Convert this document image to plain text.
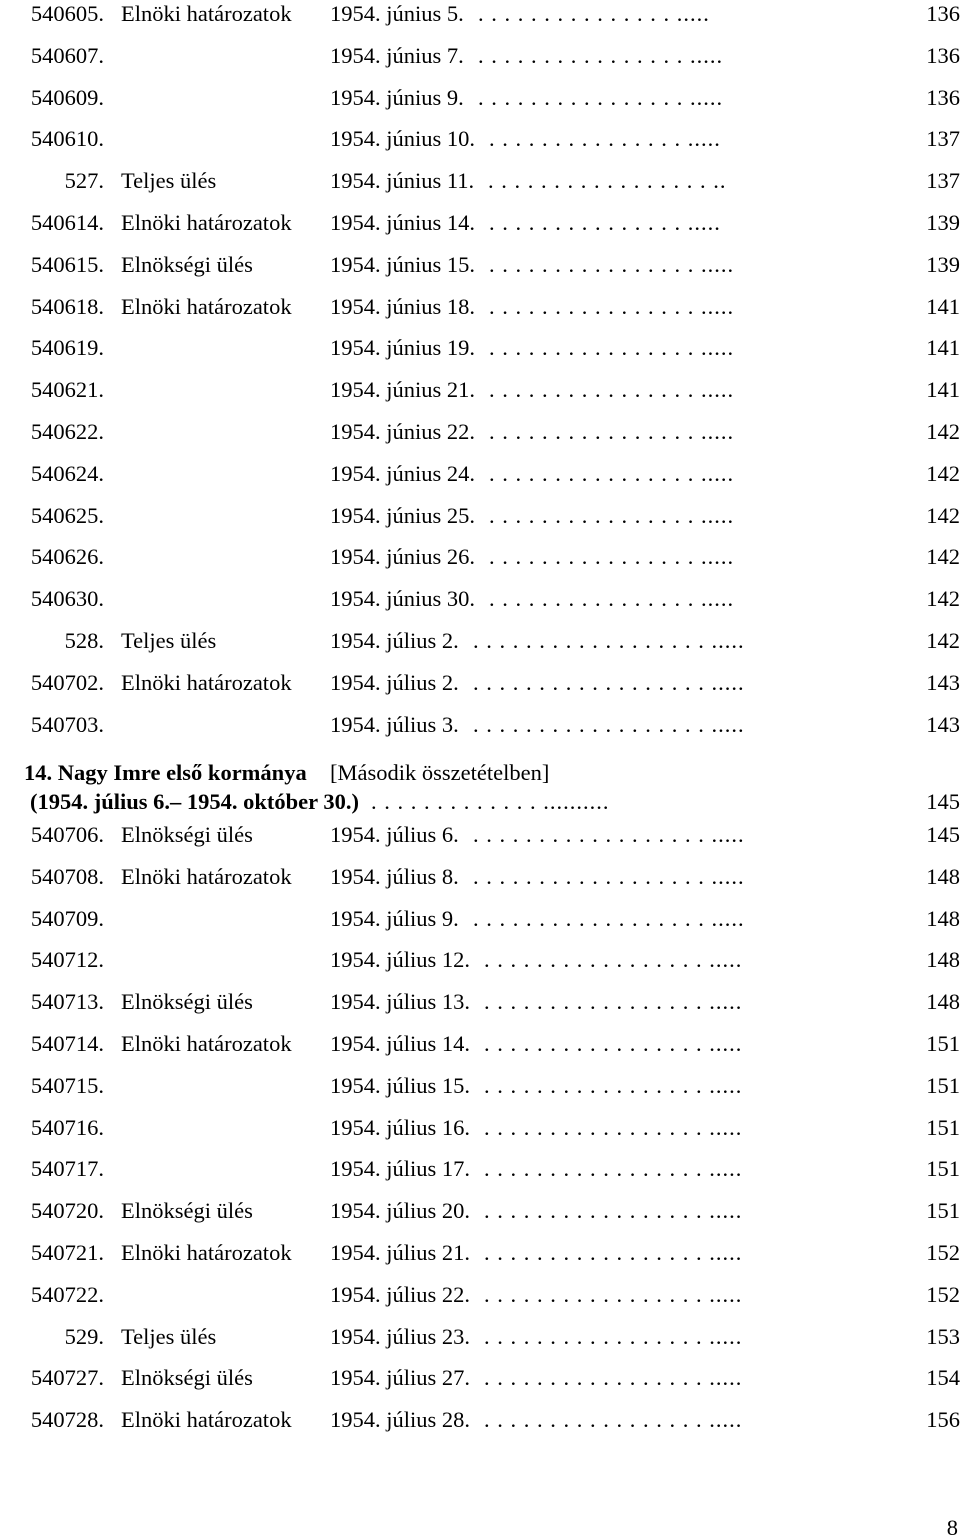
540605. Elnöki határozatok 1954. június 5. . . . . . . . . . . . . . . . .....	136
540607.	1954. június 7. . . . . . . . . . . . . . . . . .....	136
540609.	1954. június 9. . . . . . . . . . . . . . . . . .....	136
540610.	1954. június 10. . . . . . . . . . . . . . . . .....	137
527. Teljes ülés	1954. június 11. . . . . . . . . . . . . . . . . . ..	137
540614. Elnöki határozatok 1954. június 14. . . . . . . . . . . . . . . . .....	139
540615. Elnökségi ülés	1954. június 15. . . . . . . . . . . . . . . . . .....	139
540618. Elnöki határozatok 1954. június 18. . . . . . . . . . . . . . . . . .....	141
540619.	1954. június 19. . . . . . . . . . . . . . . . . .....	141
540621.	1954. június 21. . . . . . . . . . . . . . . . . .....	141
540622.	1954. június 22. . . . . . . . . . . . . . . . . .....	142
540624.	1954. június 24. . . . . . . . . . . . . . . . . .....	142
540625.	1954. június 25. . . . . . . . . . . . . . . . . .....	142
540626.	1954. június 26. . . . . . . . . . . . . . . . . .....	142
540630.	1954. június 30. . . . . . . . . . . . . . . . . .....	142
528. Teljes ülés	1954. július 2. . . . . . . . . . . . . . . . . . . .....	142
540702. Elnöki határozatok 1954. július 2. . . . . . . . . . . . . . . . . . . .....	143
540703.	1954. július 3. . . . . . . . . . . . . . . . . . . .....	143
14. Nagy Imre első kormánya [Második összetételben]
(1954. július 6.– 1954. október 30.) . . . . . . . . . . . . . ..........	145
540706. Elnökségi ülés	1954. július 6. . . . . . . . . . . . . . . . . . . .....	145
540708. Elnöki határozatok 1954. július 8. . . . . . . . . . . . . . . . . . . .....	148
540709.	1954. július 9. . . . . . . . . . . . . . . . . . . .....	148
540712.	1954. július 12. . . . . . . . . . . . . . . . . . .....	148
540713. Elnökségi ülés	1954. július 13. . . . . . . . . . . . . . . . . . .....	148
540714. Elnöki határozatok 1954. július 14. . . . . . . . . . . . . . . . . . .....	151
540715.	1954. július 15. . . . . . . . . . . . . . . . . . .....	151
540716.	1954. július 16. . . . . . . . . . . . . . . . . . .....	151
540717.	1954. július 17. . . . . . . . . . . . . . . . . . .....	151
540720. Elnökségi ülés	1954. július 20. . . . . . . . . . . . . . . . . . .....	151
540721. Elnöki határozatok 1954. július 21. . . . . . . . . . . . . . . . . . .....	152
540722.	1954. július 22. . . . . . . . . . . . . . . . . . .....	152
529. Teljes ülés	1954. július 23. . . . . . . . . . . . . . . . . . .....	153
540727. Elnökségi ülés	1954. július 27. . . . . . . . . . . . . . . . . . .....	154
540728. Elnöki határozatok 1954. július 28. . . . . . . . . . . . . . . . . . .....	156
8
